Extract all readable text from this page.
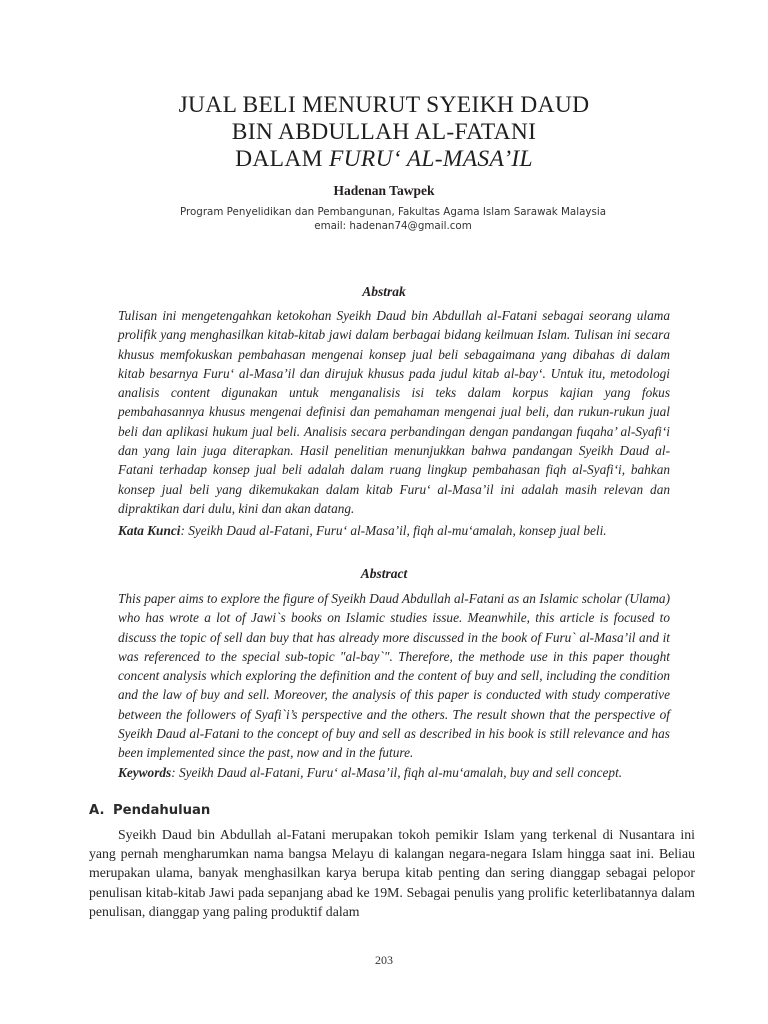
JUAL BELI MENURUT SYEIKH DAUD
BIN ABDULLAH AL-FATANI
DALAM FURU‘ AL-MASA’IL
Hadenan Tawpek
Program Penyelidikan dan Pembangunan, Fakultas Agama Islam Sarawak Malaysia
email: hadenan74@gmail.com
Abstrak
Tulisan ini mengetengahkan ketokohan Syeikh Daud bin Abdullah al-Fatani sebagai seorang ulama prolifik yang menghasilkan kitab-kitab jawi dalam berbagai bidang keilmuan Islam. Tulisan ini secara khusus memfokuskan pembahasan mengenai konsep jual beli sebagaimana yang dibahas di dalam kitab besarnya Furu‘ al-Masa’il dan dirujuk khusus pada judul kitab al-bay‘. Untuk itu, metodologi analisis content digunakan untuk menganalisis isi teks dalam korpus kajian yang fokus pembahasannya khusus mengenai definisi dan pemahaman mengenai jual beli, dan rukun-rukun jual beli dan aplikasi hukum jual beli. Analisis secara perbandingan dengan pandangan fuqaha’ al-Syafi‘i dan yang lain juga diterapkan. Hasil penelitian menunjukkan bahwa pandangan Syeikh Daud al-Fatani terhadap konsep jual beli adalah dalam ruang lingkup pembahasan fiqh al-Syafi‘i, bahkan konsep jual beli yang dikemukakan dalam kitab Furu‘ al-Masa’il ini adalah masih relevan dan dipraktikan dari dulu, kini dan akan datang.
Kata Kunci: Syeikh Daud al-Fatani, Furu‘ al-Masa’il, fiqh al-mu‘amalah, konsep jual beli.
Abstract
This paper aims to explore the figure of Syeikh Daud Abdullah al-Fatani as an Islamic scholar (Ulama) who has wrote a lot of Jawi`s books on Islamic studies issue. Meanwhile, this article is focused to discuss the topic of sell dan buy that has already more discussed in the book of Furu` al-Masa’il and it was referenced to the special sub-topic "al-bay`". Therefore, the methode use in this paper thought concent analysis which exploring the definition and the content of buy and sell, including the condition and the law of buy and sell. Moreover, the analysis of this paper is conducted with study comperative between the followers of Syafi`i’s perspective and the others. The result shown that the perspective of Syeikh Daud al-Fatani to the concept of buy and sell as described in his book is still relevance and has been implemented since the past, now and in the future.
Keywords: Syeikh Daud al-Fatani, Furu‘ al-Masa’il, fiqh al-mu‘amalah, buy and sell concept.
A. Pendahuluan
Syeikh Daud bin Abdullah al-Fatani merupakan tokoh pemikir Islam yang terkenal di Nusantara ini yang pernah mengharumkan nama bangsa Melayu di kalangan negara-negara Islam hingga saat ini. Beliau merupakan ulama, banyak menghasilkan karya berupa kitab penting dan sering dianggap sebagai pelopor penulisan kitab-kitab Jawi pada sepanjang abad ke 19M. Sebagai penulis yang prolific keterlibatannya dalam penulisan, dianggap yang paling produktif dalam
203
